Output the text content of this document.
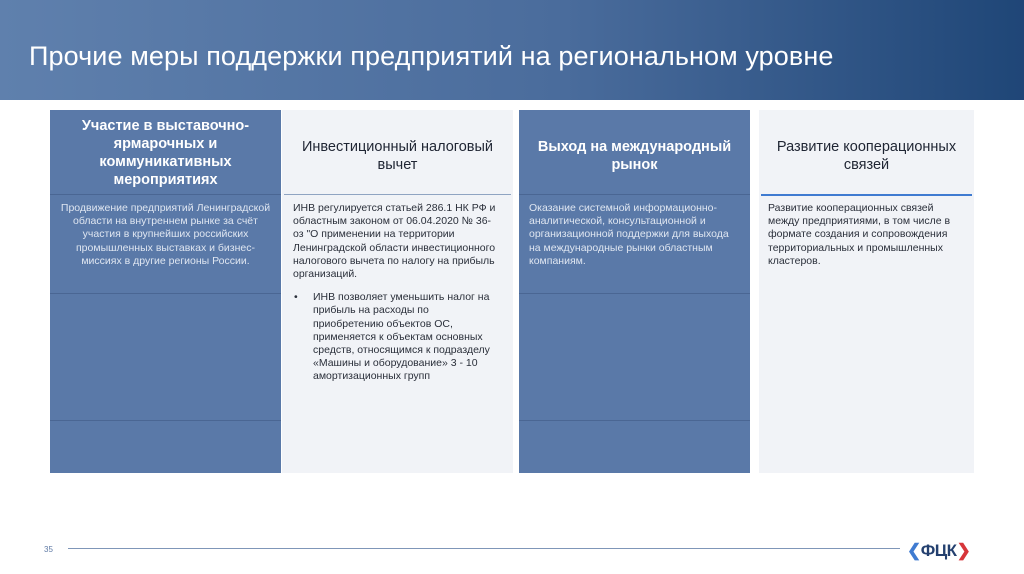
Прочие меры поддержки предприятий на региональном уровне
Участие в выставочно-ярмарочных и коммуникативных мероприятиях

Продвижение предприятий Ленинградской области на внутреннем рынке за счёт участия в крупнейших российских промышленных выставках и бизнес-миссиях в другие регионы России.

Инвестиционный налоговый вычет

ИНВ регулируется статьей 286.1 НК РФ и областным законом от 06.04.2020 № 36-оз "О применении на территории Ленинградской области инвестиционного налогового вычета по налогу на прибыль организаций.

•	ИНВ позволяет уменьшить налог на прибыль на расходы по приобретению объектов ОС, применяется к объектам основных средств, относящимся к подразделу «Машины и оборудование» 3 - 10 амортизационных групп
Выход на международный рынок

Оказание системной информационно-аналитической, консультационной и организационной поддержки для выхода на международные рынки областным компаниям.

Развитие кооперационных связей

Развитие кооперационных связей между предприятиями, в том числе в формате создания и сопровождения территориальных и промышленных кластеров.

35	❮ФЦК❯
